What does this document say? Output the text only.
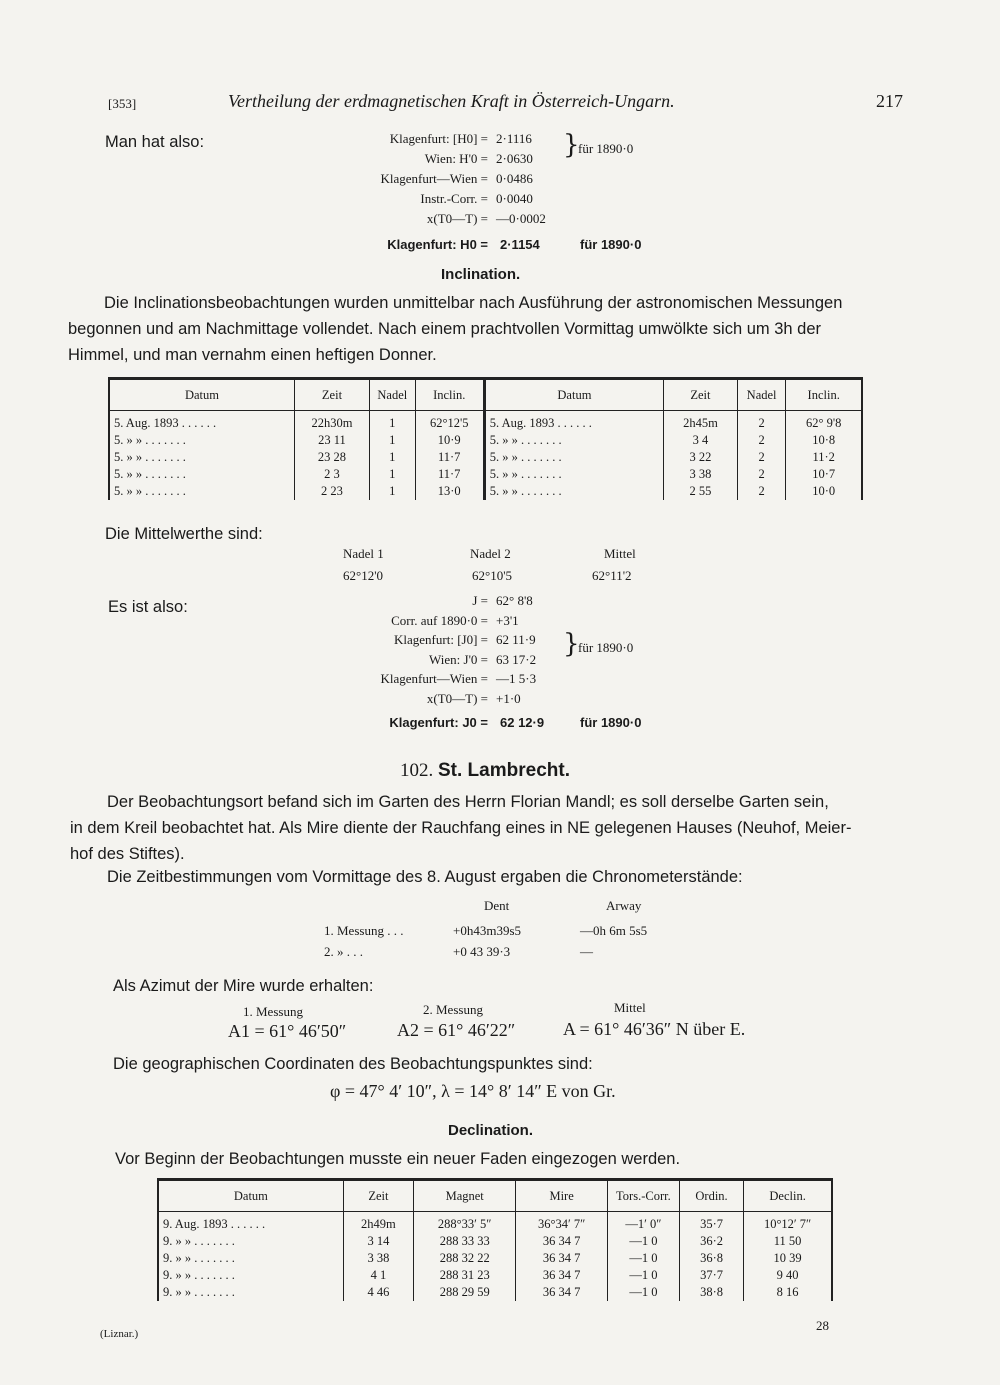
[353]	Vertheilung der erdmagnetischen Kraft in Österreich-Ungarn.	217
Man hat also:	Klagenfurt: [H0] = 2·1116
Wien: H'0 = 2·0630
Klagenfurt—Wien = 0·0486
Instr.-Corr. = 0·0040
x(T0—T) = —0·0002
}
für 1890·0
Klagenfurt: H0 = 2·1154	für 1890·0
Inclination.
Die Inclinationsbeobachtungen wurden unmittelbar nach Ausführung der astronomischen Messungen
begonnen und am Nachmittage vollendet. Nach einem prachtvollen Vormittag umwölkte sich um 3h der
Himmel, und man vernahm einen heftigen Donner.
Datum	Zeit	Nadel	Inclin.	Datum	Zeit	Nadel	Inclin.

5. Aug. 1893 . . . . . .	22h30m	1	62°12'5	5. Aug. 1893 . . . . . .	2h45m	2	62° 9'8
5. » » . . . . . . .	23 11	1	10·9	5. » » . . . . . . .	3 4	2	10·8
5. » » . . . . . . .	23 28	1	11·7	5. » » . . . . . . .	3 22	2	11·2
5. » » . . . . . . .	2 3	1	11·7	5. » » . . . . . . .	3 38	2	10·7
5. » » . . . . . . .	2 23	1	13·0	5. » » . . . . . . .	2 55	2	10·0
Die Mittelwerthe sind:
Nadel 1	Nadel 2	Mittel
62°12'0	62°10'5	62°11'2
Es ist also:	J = 62° 8'8
Corr. auf 1890·0 = +3'1
Klagenfurt: [J0] = 62 11·9
Wien: J'0 = 63 17·2
Klagenfurt—Wien = —1 5·3
x(T0—T) = +1·0
}
für 1890·0
Klagenfurt: J0 = 62 12·9	für 1890·0
102. St. Lambrecht.
Der Beobachtungsort befand sich im Garten des Herrn Florian Mandl; es soll derselbe Garten sein,
in dem Kreil beobachtet hat. Als Mire diente der Rauchfang eines in NE gelegenen Hauses (Neuhof, Meier-
hof des Stiftes).
Die Zeitbestimmungen vom Vormittage des 8. August ergaben die Chronometerstände:
Dent	Arway
1. Messung . . .	+0h43m39s5	—0h 6m 5s5
2. » . . .	+0 43 39·3	—
Als Azimut der Mire wurde erhalten:
1. Messung	2. Messung	Mittel
A1 = 61° 46′50″	A2 = 61° 46′22″	A = 61° 46′36″ N über E.
Die geographischen Coordinaten des Beobachtungspunktes sind:
φ = 47° 4′ 10″, λ = 14° 8′ 14″ E von Gr.
Declination.
Vor Beginn der Beobachtungen musste ein neuer Faden eingezogen werden.
Datum	Zeit	Magnet	Mire	Tors.-Corr.	Ordin.	Declin.

9. Aug. 1893 . . . . . .	2h49m	288°33′ 5″	36°34′ 7″	—1′ 0″	35·7	10°12′ 7″
9. » » . . . . . . .	3 14	288 33 33	36 34 7	—1 0	36·2	11 50
9. » » . . . . . . .	3 38	288 32 22	36 34 7	—1 0	36·8	10 39
9. » » . . . . . . .	4 1	288 31 23	36 34 7	—1 0	37·7	9 40
9. » » . . . . . . .	4 46	288 29 59	36 34 7	—1 0	38·8	8 16
(Liznar.)
28
